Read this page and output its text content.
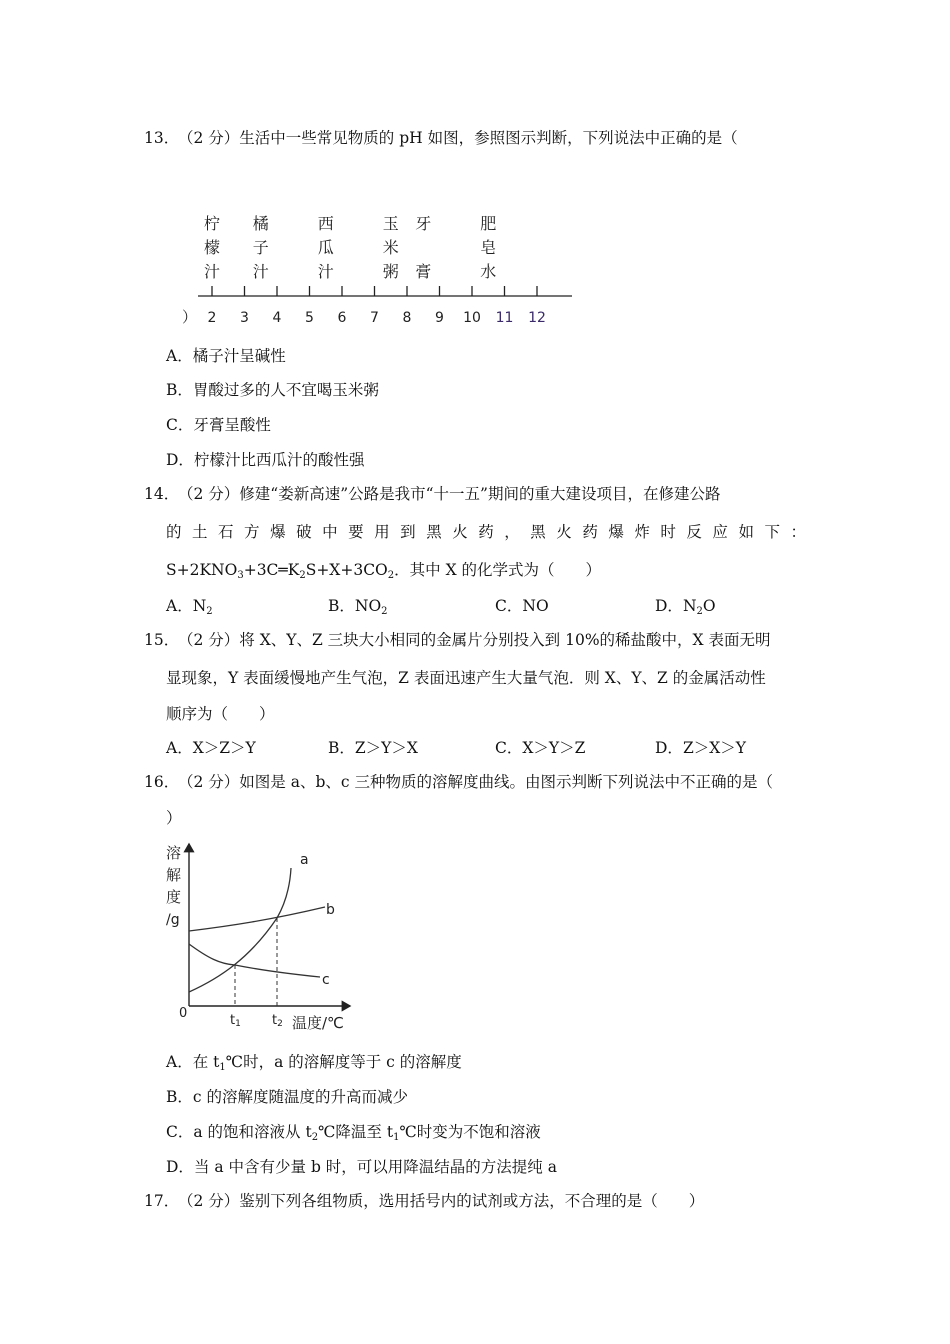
13．
（2 分）生活中一些常见物质的 pH 如图，参照图示判断，下列说法中正确的是（
柠
檬
汁
橘
子
汁
西
瓜
汁
玉
米
粥
牙
膏
肥
皂
水
2 3 4 5 6 7 8 9 10 11 12
）
A．橘子汁呈碱性
B．胃酸过多的人不宜喝玉米粥
C．牙膏呈酸性
D．柠檬汁比西瓜汁的酸性强
14．
（2 分）修建“娄新高速”公路是我市“十一五”期间的重大建设项目，在修建公路
的土石方爆破中要用到黑火药，黑火药爆炸时反应如下：
$S+2KNO_3+3C═K_2S+X+3CO_2$．其中 X 的化学式为（　　）
A．$N_2$	B．$NO_2$	C．NO	D．$N_2O$
15．
（2 分）将 X、Y、Z 三块大小相同的金属片分别投入到 10%的稀盐酸中，X 表面无明
显现象，Y 表面缓慢地产生气泡，Z 表面迅速产生大量气泡．则 X、Y、Z 的金属活动性
顺序为（　　）
A．X＞Z＞Y	B．Z＞Y＞X	C．X＞Y＞Z	D．Z＞X＞Y
16．
（2 分）如图是 a、b、c 三种物质的溶解度曲线。由图示判断下列说法中不正确的是（
）
溶
解
度
/g
a
b
c
0	t1 t2 温度/℃
A．在 $t_1℃$时，a 的溶解度等于 c 的溶解度
B．c 的溶解度随温度的升高而减少
C．a 的饱和溶液从 $t_2℃$降温至 $t_1℃$时变为不饱和溶液
D．当 a 中含有少量 b 时，可以用降温结晶的方法提纯 a
17．
（2 分）鉴别下列各组物质，选用括号内的试剂或方法，不合理的是（　　）
